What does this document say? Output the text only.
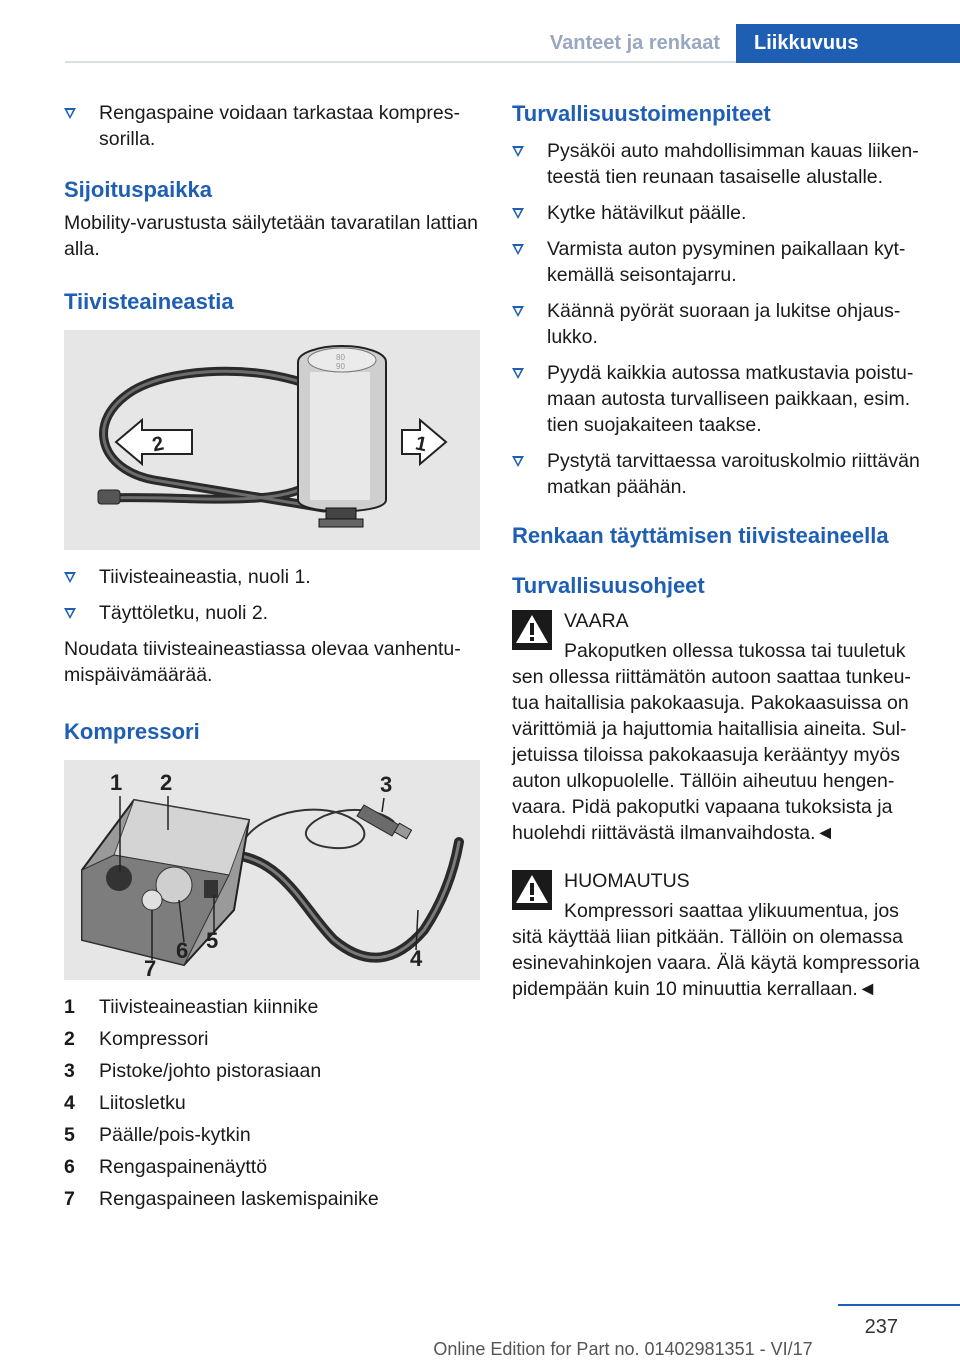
Vanteet ja renkaat	Liikkuvuus
Rengaspaine voidaan tarkastaa kompressorilla.
Sijoituspaikka

Mobility-varustusta säilytetään tavaratilan lattian alla.

Tiivisteaineastia
80
90
2	1
Tiivisteaineastia, nuoli 1.
Täyttöletku, nuoli 2.

Noudata tiivisteaineastiassa olevaa vanhentumispäivämäärää.

Kompressori
1 2	3
4
5
6
7
1	Tiivisteaineastian kiinnike
2	Kompressori
3	Pistoke/johto pistorasiaan
4	Liitosletku
5	Päälle/pois-kytkin
6	Rengaspainenäyttö
7	Rengaspaineen laskemispainike
Turvallisuustoimenpiteet
Pysäköi auto mahdollisimman kauas liikenteestä tien reunaan tasaiselle alustalle.
Kytke hätävilkut päälle.
Varmista auton pysyminen paikallaan kytkemällä seisontajarru.
Käännä pyörät suoraan ja lukitse ohjauslukko.
Pyydä kaikkia autossa matkustavia poistumaan autosta turvalliseen paikkaan, esim. tien suojakaiteen taakse.
Pystytä tarvittaessa varoituskolmio riittävän matkan päähän.
Renkaan täyttämisen tiivisteaineella
Turvallisuusohjeet
VAARA
Pakoputken ollessa tukossa tai tuuletuk
sen ollessa riittämätön autoon saattaa tunkeutua haitallisia pakokaasuja. Pakokaasuissa on värittömiä ja hajuttomia haitallisia aineita. Suljetuissa tiloissa pakokaasuja kerääntyy myös auton ulkopuolelle. Tällöin aiheutuu hengenvaara. Pidä pakoputki vapaana tukoksista ja huolehdi riittävästä ilmanvaihdosta.◄
HUOMAUTUS
Kompressori saattaa ylikuumentua, jos
sitä käyttää liian pitkään. Tällöin on olemassa esinevahinkojen vaara. Älä käytä kompressoria pidempään kuin 10 minuuttia kerrallaan.◄
237
Online Edition for Part no. 01402981351 - VI/17
